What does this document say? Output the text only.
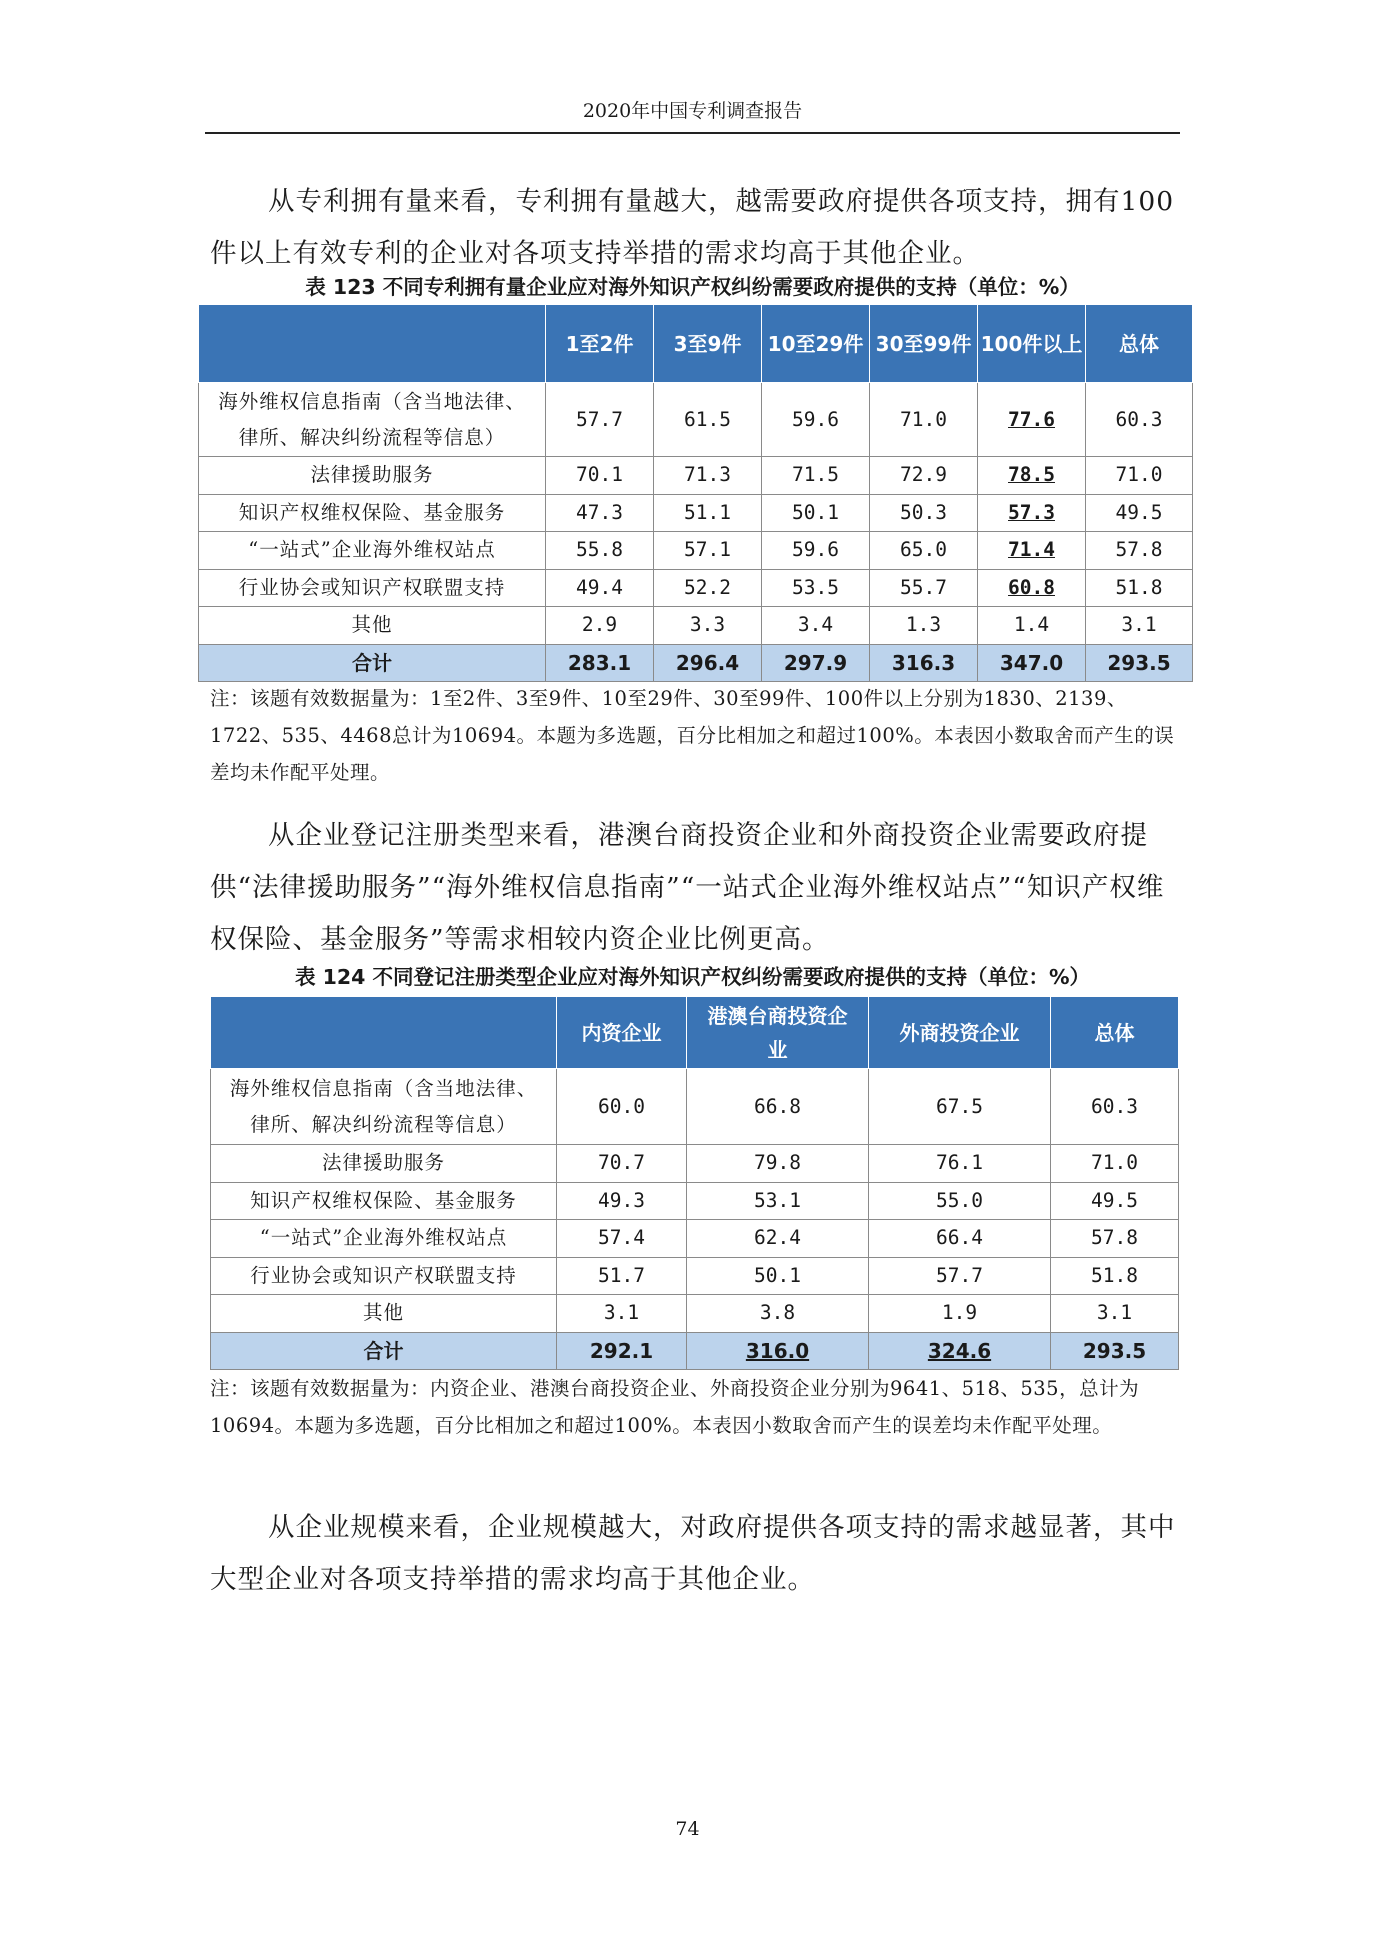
2020年中国专利调查报告

从专利拥有量来看，专利拥有量越大，越需要政府提供各项支持，拥有100件以上有效专利的企业对各项支持举措的需求均高于其他企业。

表 123 不同专利拥有量企业应对海外知识产权纠纷需要政府提供的支持（单位：%）
	1至2件	3至9件	10至29件	30至99件	100件以上	总体
海外维权信息指南（含当地法律、律所、解决纠纷流程等信息）	57.7	61.5	59.6	71.0	77.6	60.3
法律援助服务	70.1	71.3	71.5	72.9	78.5	71.0
知识产权维权保险、基金服务	47.3	51.1	50.1	50.3	57.3	49.5
“一站式”企业海外维权站点	55.8	57.1	59.6	65.0	71.4	57.8
行业协会或知识产权联盟支持	49.4	52.2	53.5	55.7	60.8	51.8
其他	2.9	3.3	3.4	1.3	1.4	3.1
合计	283.1	296.4	297.9	316.3	347.0	293.5

注：该题有效数据量为：1至2件、3至9件、10至29件、30至99件、100件以上分别为1830、2139、1722、535、4468总计为10694。本题为多选题，百分比相加之和超过100%。本表因小数取舍而产生的误差均未作配平处理。

从企业登记注册类型来看，港澳台商投资企业和外商投资企业需要政府提供“法律援助服务”“海外维权信息指南”“一站式企业海外维权站点”“知识产权维权保险、基金服务”等需求相较内资企业比例更高。

表 124 不同登记注册类型企业应对海外知识产权纠纷需要政府提供的支持（单位：%）
	内资企业	港澳台商投资企业	外商投资企业	总体
海外维权信息指南（含当地法律、律所、解决纠纷流程等信息）	60.0	66.8	67.5	60.3
法律援助服务	70.7	79.8	76.1	71.0
知识产权维权保险、基金服务	49.3	53.1	55.0	49.5
“一站式”企业海外维权站点	57.4	62.4	66.4	57.8
行业协会或知识产权联盟支持	51.7	50.1	57.7	51.8
其他	3.1	3.8	1.9	3.1
合计	292.1	316.0	324.6	293.5

注：该题有效数据量为：内资企业、港澳台商投资企业、外商投资企业分别为9641、518、535，总计为10694。本题为多选题，百分比相加之和超过100%。本表因小数取舍而产生的误差均未作配平处理。

从企业规模来看，企业规模越大，对政府提供各项支持的需求越显著，其中大型企业对各项支持举措的需求均高于其他企业。

74
